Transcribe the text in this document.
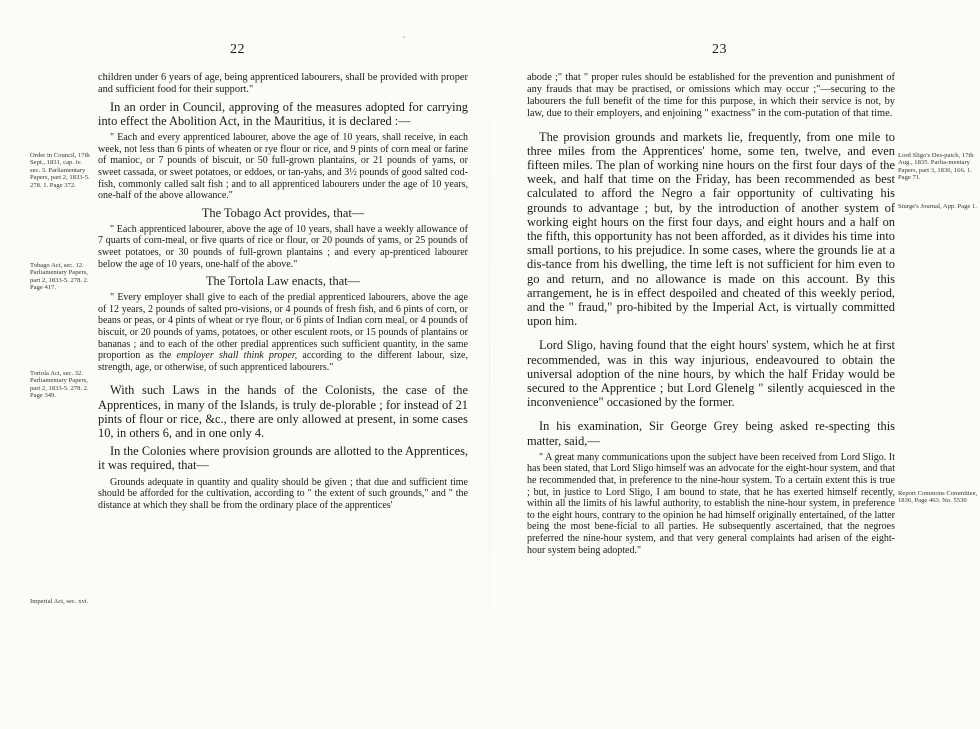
22
˝
Order in Council, 17th Sept., 1831, cap. iv. sec. 3. Parliamentary Papers, part 2, 1833-5. 278. 1. Page 372.
Tobago Act, sec. 12. Parliamentary Papers, part 2, 1833-5. 278. 2. Page 417.
Tortola Act, sec. 32. Parliamentary Papers, part 2, 1833-5. 278. 2. Page 349.
Imperial Act, sec. xvi.

children under 6 years of age, being apprenticed labourers, shall be provided with proper and sufficient food for their support."

In an order in Council, approving of the measures adopted for carrying into effect the Abolition Act, in the Mauritius, it is declared :—

" Each and every apprenticed labourer, above the age of 10 years, shall receive, in each week, not less than 6 pints of wheaten or rye flour or rice, and 9 pints of corn meal or farine of manioc, or 7 pounds of biscuit, or 50 full-grown plantains, or 21 pounds of yams, or sweet cassada, or sweet potatoes, or eddoes, or tan-yahs, and 3½ pounds of good salted cod-fish, commonly called salt fish ; and to all apprenticed labourers under the age of 10 years, one-half of the above allowance."

The Tobago Act provides, that—

" Each apprenticed labourer, above the age of 10 years, shall have a weekly allowance of 7 quarts of corn-meal, or five quarts of rice or flour, or 20 pounds of yams, or 25 pounds of sweet potatoes, or 30 pounds of full-grown plantains ; and every ap-prenticed labourer below the age of 10 years, one-half of the above."

The Tortola Law enacts, that—

" Every employer shall give to each of the predial apprenticed labourers, above the age of 12 years, 2 pounds of salted pro-visions, or 4 pounds of fresh fish, and 6 pints of corn, or beans or peas, or 4 pints of wheat or rye flour, or 6 pints of Indian corn meal, or 4 pounds of biscuit, or 20 pounds of yams, potatoes, or other esculent roots, or 15 pounds of plantains or bananas ; and to each of the other predial apprentices such sufficient quantity, in the same proportion as the employer shall think proper, according to the different labour, size, strength, age, or otherwise, of such apprenticed labourers."

With such Laws in the hands of the Colonists, the case of the Apprentices, in many of the Islands, is truly de-plorable ; for instead of 21 pints of flour or rice, &c., there are only allowed at present, in some cases 10, in others 6, and in one only 4.

In the Colonies where provision grounds are allotted to the Apprentices, it was required, that—

Grounds adequate in quantity and quality should be given ; that due and sufficient time should be afforded for the cultivation, according to " the extent of such grounds," and " the distance at which they shall be from the ordinary place of the apprentices'

23
Lord Sligo's Des-patch, 17th Aug., 1835. Parlia-mentary Papers, part 3, 1836, 166. 1. Page 71.
Sturge's Journal, App. Page 1.
Report Commons Committee, 1836, Page 463. No. 5530

abode ;" that " proper rules should be established for the prevention and punishment of any frauds that may be practised, or omissions which may occur ;"—securing to the labourers the full benefit of the time for this purpose, in which their service is not, by law, due to their employers, and enjoining " exactness" in the com-putation of that time.

The provision grounds and markets lie, frequently, from one mile to three miles from the Apprentices' home, some ten, twelve, and even fifteen miles. The plan of working nine hours on the first four days of the week, and half that time on the Friday, has been recommended as best calculated to afford the Negro a fair opportunity of cultivating his grounds to advantage ; but, by the introduction of another system of working eight hours on the first four days, and eight hours and a half on the fifth, this opportunity has not been afforded, as it divides his time into small portions, to his prejudice. In some cases, where the grounds lie at a dis-tance from his dwelling, the time left is not sufficient for him even to go and return, and no allowance is made on this account. By this arrangement, he is in effect despoiled and cheated of this weekly period, and the " fraud," pro-hibited by the Imperial Act, is virtually committed upon him.

Lord Sligo, having found that the eight hours' system, which he at first recommended, was in this way injurious, endeavoured to obtain the universal adoption of the nine hours, by which the half Friday would be secured to the Apprentice ; but Lord Glenelg " silently acquiesced in the inconvenience" occasioned by the former.

In his examination, Sir George Grey being asked re-specting this matter, said,—

" A great many communications upon the subject have been received from Lord Sligo. It has been stated, that Lord Sligo himself was an advocate for the eight-hour system, and that he recommended that, in preference to the nine-hour system. To a certain extent this is true ; but, in justice to Lord Sligo, I am bound to state, that he has exerted himself recently, within all the limits of his lawful authority, to establish the nine-hour system, in preference to the eight hours, contrary to the opinion he had himself originally entertained, of the latter being the most bene-ficial to all parties. He subsequently ascertained, that the negroes preferred the nine-hour system, and that very general complaints had arisen of the eight-hour system being adopted."
